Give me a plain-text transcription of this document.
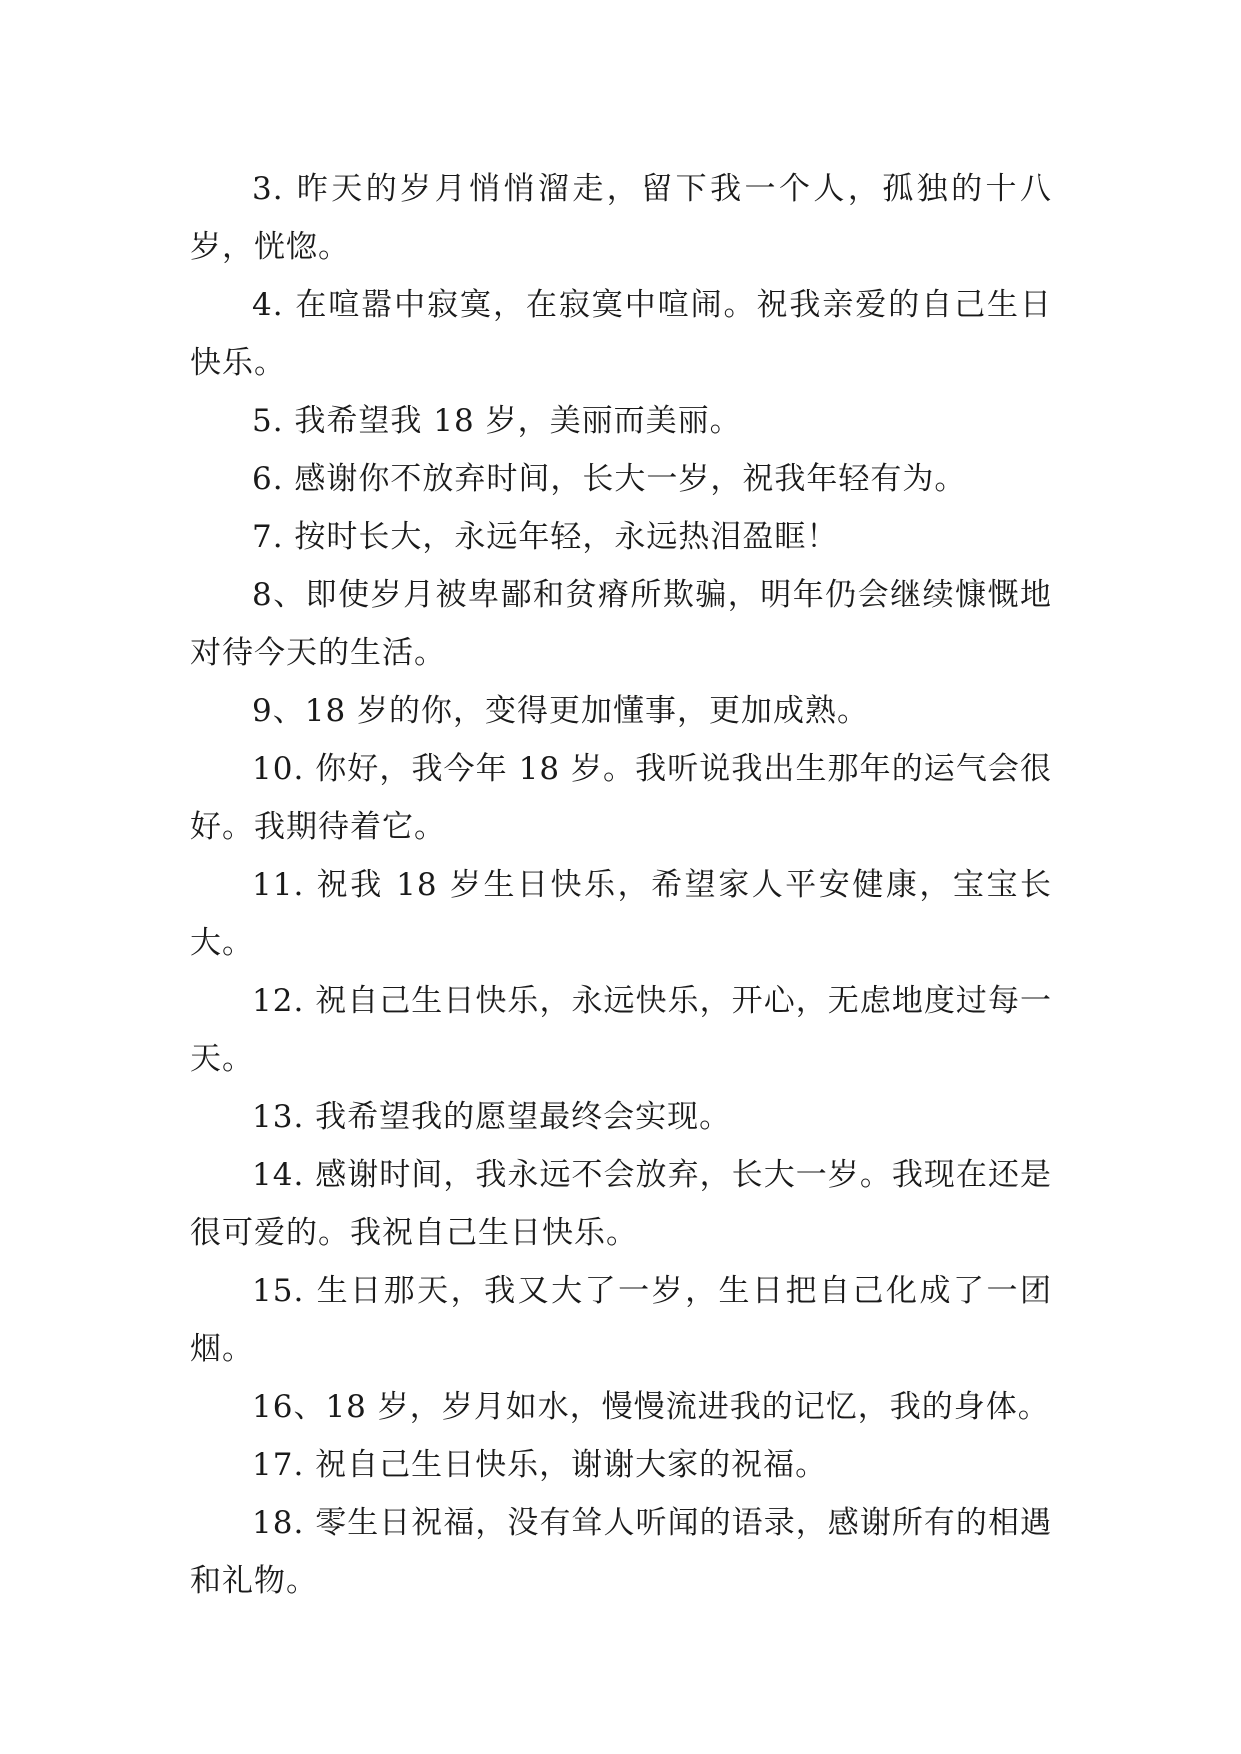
3. 昨天的岁月悄悄溜走，留下我一个人，孤独的十八岁，恍惚。

4. 在喧嚣中寂寞，在寂寞中喧闹。祝我亲爱的自己生日快乐。

5. 我希望我 18 岁，美丽而美丽。

6. 感谢你不放弃时间，长大一岁，祝我年轻有为。

7. 按时长大，永远年轻，永远热泪盈眶！

8、即使岁月被卑鄙和贫瘠所欺骗，明年仍会继续慷慨地对待今天的生活。

9、18 岁的你，变得更加懂事，更加成熟。

10. 你好，我今年 18 岁。我听说我出生那年的运气会很好。我期待着它。

11. 祝我 18 岁生日快乐，希望家人平安健康，宝宝长大。

12. 祝自己生日快乐，永远快乐，开心，无虑地度过每一天。

13. 我希望我的愿望最终会实现。

14. 感谢时间，我永远不会放弃，长大一岁。我现在还是很可爱的。我祝自己生日快乐。

15. 生日那天，我又大了一岁，生日把自己化成了一团烟。

16、18 岁，岁月如水，慢慢流进我的记忆，我的身体。

17. 祝自己生日快乐，谢谢大家的祝福。

18. 零生日祝福，没有耸人听闻的语录，感谢所有的相遇和礼物。
